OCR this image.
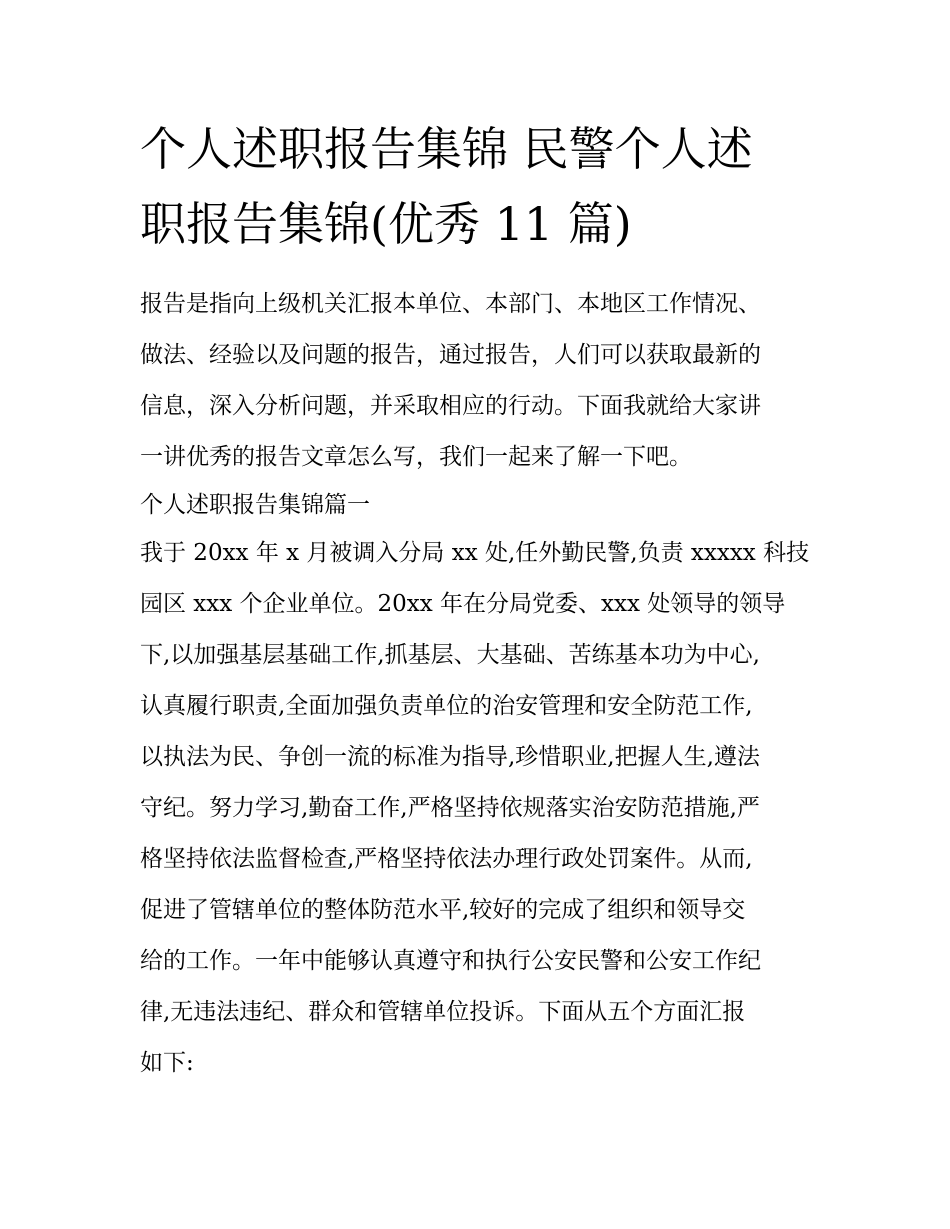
个人述职报告集锦 民警个人述
职报告集锦(优秀 11 篇)
报告是指向上级机关汇报本单位、本部门、本地区工作情况、
做法、经验以及问题的报告，通过报告，人们可以获取最新的
信息，深入分析问题，并采取相应的行动。下面我就给大家讲
一讲优秀的报告文章怎么写，我们一起来了解一下吧。
个人述职报告集锦篇一
我于 20xx 年 x 月被调入分局 xx 处,任外勤民警,负责 xxxxx 科技
园区 xxx 个企业单位。20xx 年在分局党委、xxx 处领导的领导
下,以加强基层基础工作,抓基层、大基础、苦练基本功为中心,
认真履行职责,全面加强负责单位的治安管理和安全防范工作,
以执法为民、争创一流的标准为指导,珍惜职业,把握人生,遵法
守纪。努力学习,勤奋工作,严格坚持依规落实治安防范措施,严
格坚持依法监督检查,严格坚持依法办理行政处罚案件。从而,
促进了管辖单位的整体防范水平,较好的完成了组织和领导交
给的工作。一年中能够认真遵守和执行公安民警和公安工作纪
律,无违法违纪、群众和管辖单位投诉。下面从五个方面汇报
如下:
